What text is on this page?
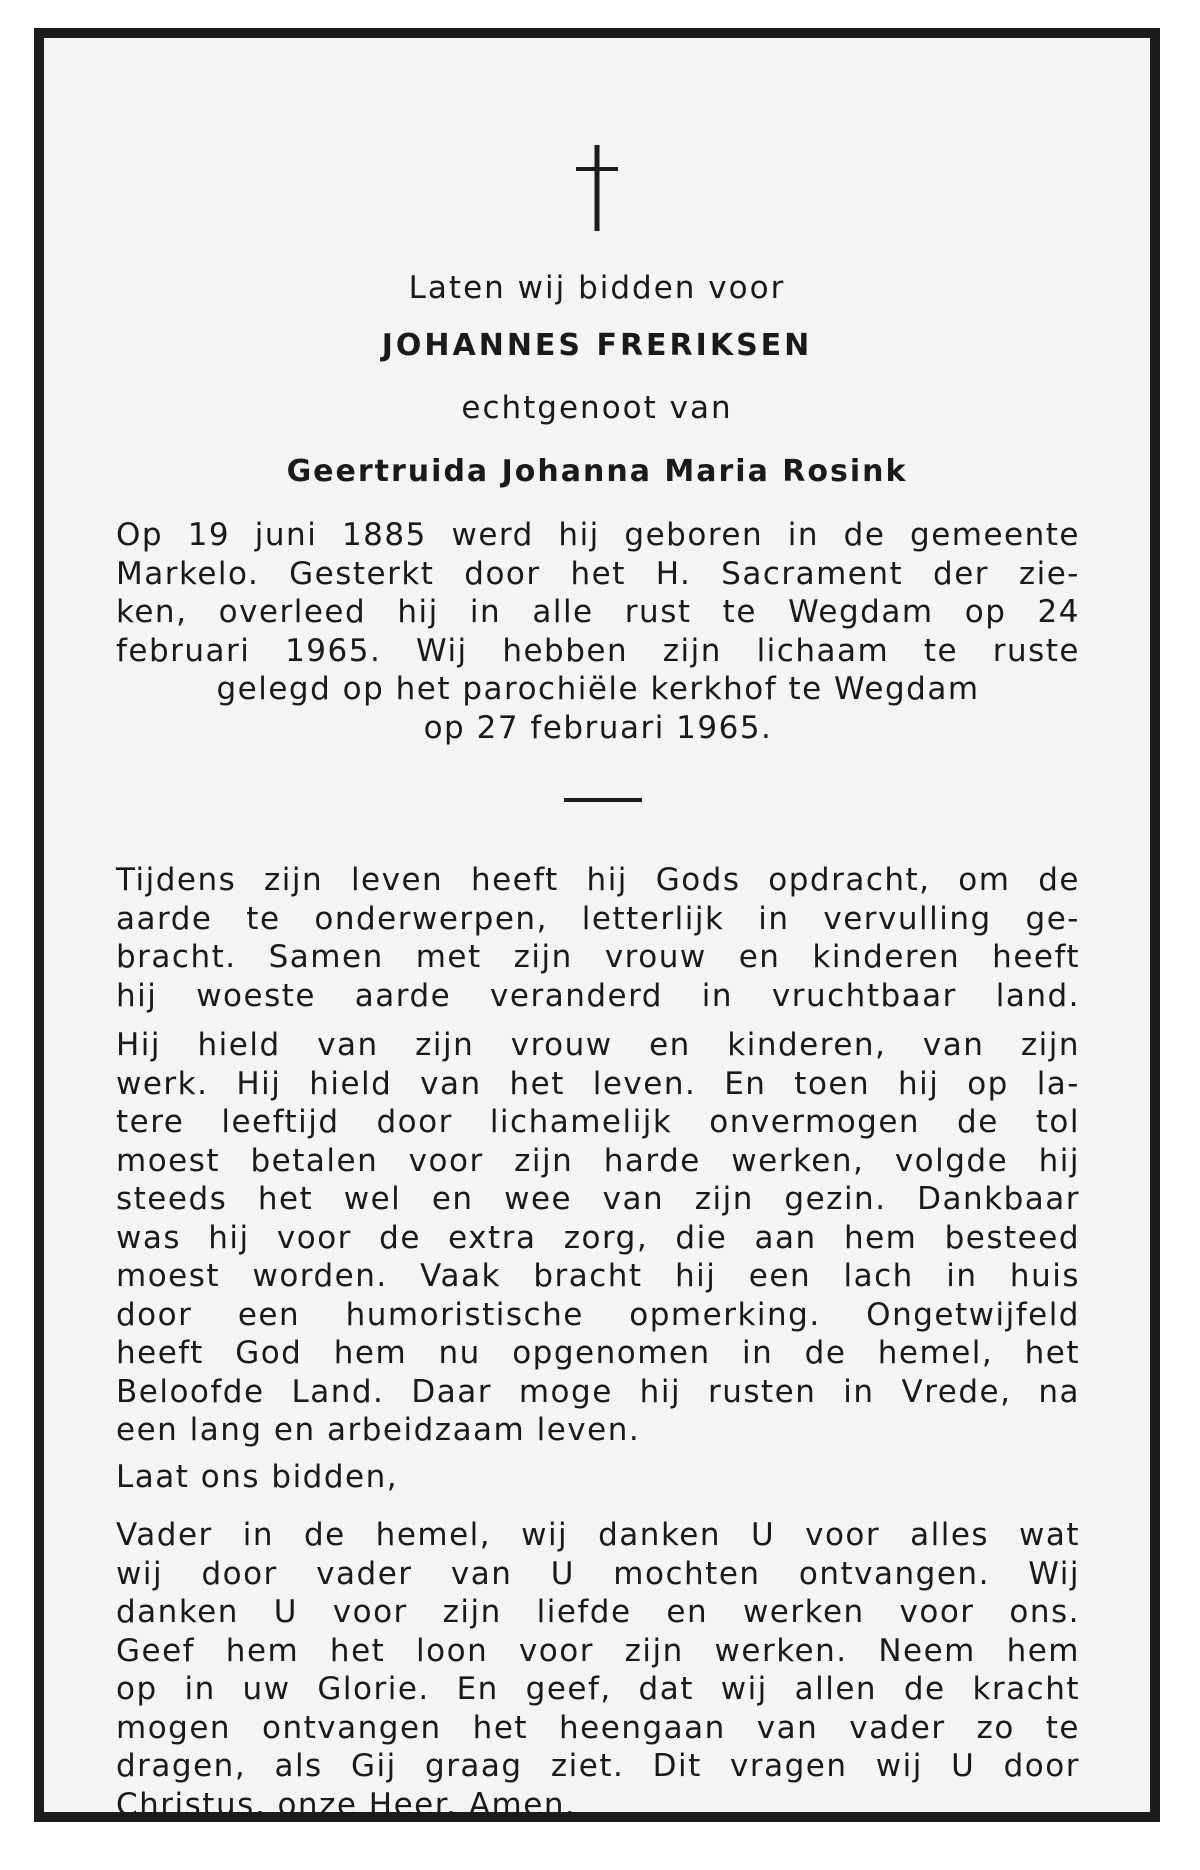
Laten wij bidden voor
JOHANNES FRERIKSEN
echtgenoot van
Geertruida Johanna Maria Rosink
Op 19 juni 1885 werd hij geboren in de gemeente
Markelo. Gesterkt door het H. Sacrament der zie-
ken, overleed hij in alle rust te Wegdam op 24
februari 1965. Wij hebben zijn lichaam te ruste
gelegd op het parochiële kerkhof te Wegdam
op 27 februari 1965.
Tijdens zijn leven heeft hij Gods opdracht, om de
aarde te onderwerpen, letterlijk in vervulling ge-
bracht. Samen met zijn vrouw en kinderen heeft
hij woeste aarde veranderd in vruchtbaar land.
Hij hield van zijn vrouw en kinderen, van zijn
werk. Hij hield van het leven. En toen hij op la-
tere leeftijd door lichamelijk onvermogen de tol
moest betalen voor zijn harde werken, volgde hij
steeds het wel en wee van zijn gezin. Dankbaar
was hij voor de extra zorg, die aan hem besteed
moest worden. Vaak bracht hij een lach in huis
door een humoristische opmerking. Ongetwijfeld
heeft God hem nu opgenomen in de hemel, het
Beloofde Land. Daar moge hij rusten in Vrede, na
een lang en arbeidzaam leven.
Laat ons bidden,
Vader in de hemel, wij danken U voor alles wat
wij door vader van U mochten ontvangen. Wij
danken U voor zijn liefde en werken voor ons.
Geef hem het loon voor zijn werken. Neem hem
op in uw Glorie. En geef, dat wij allen de kracht
mogen ontvangen het heengaan van vader zo te
dragen, als Gij graag ziet. Dit vragen wij U door
Christus, onze Heer. Amen.
